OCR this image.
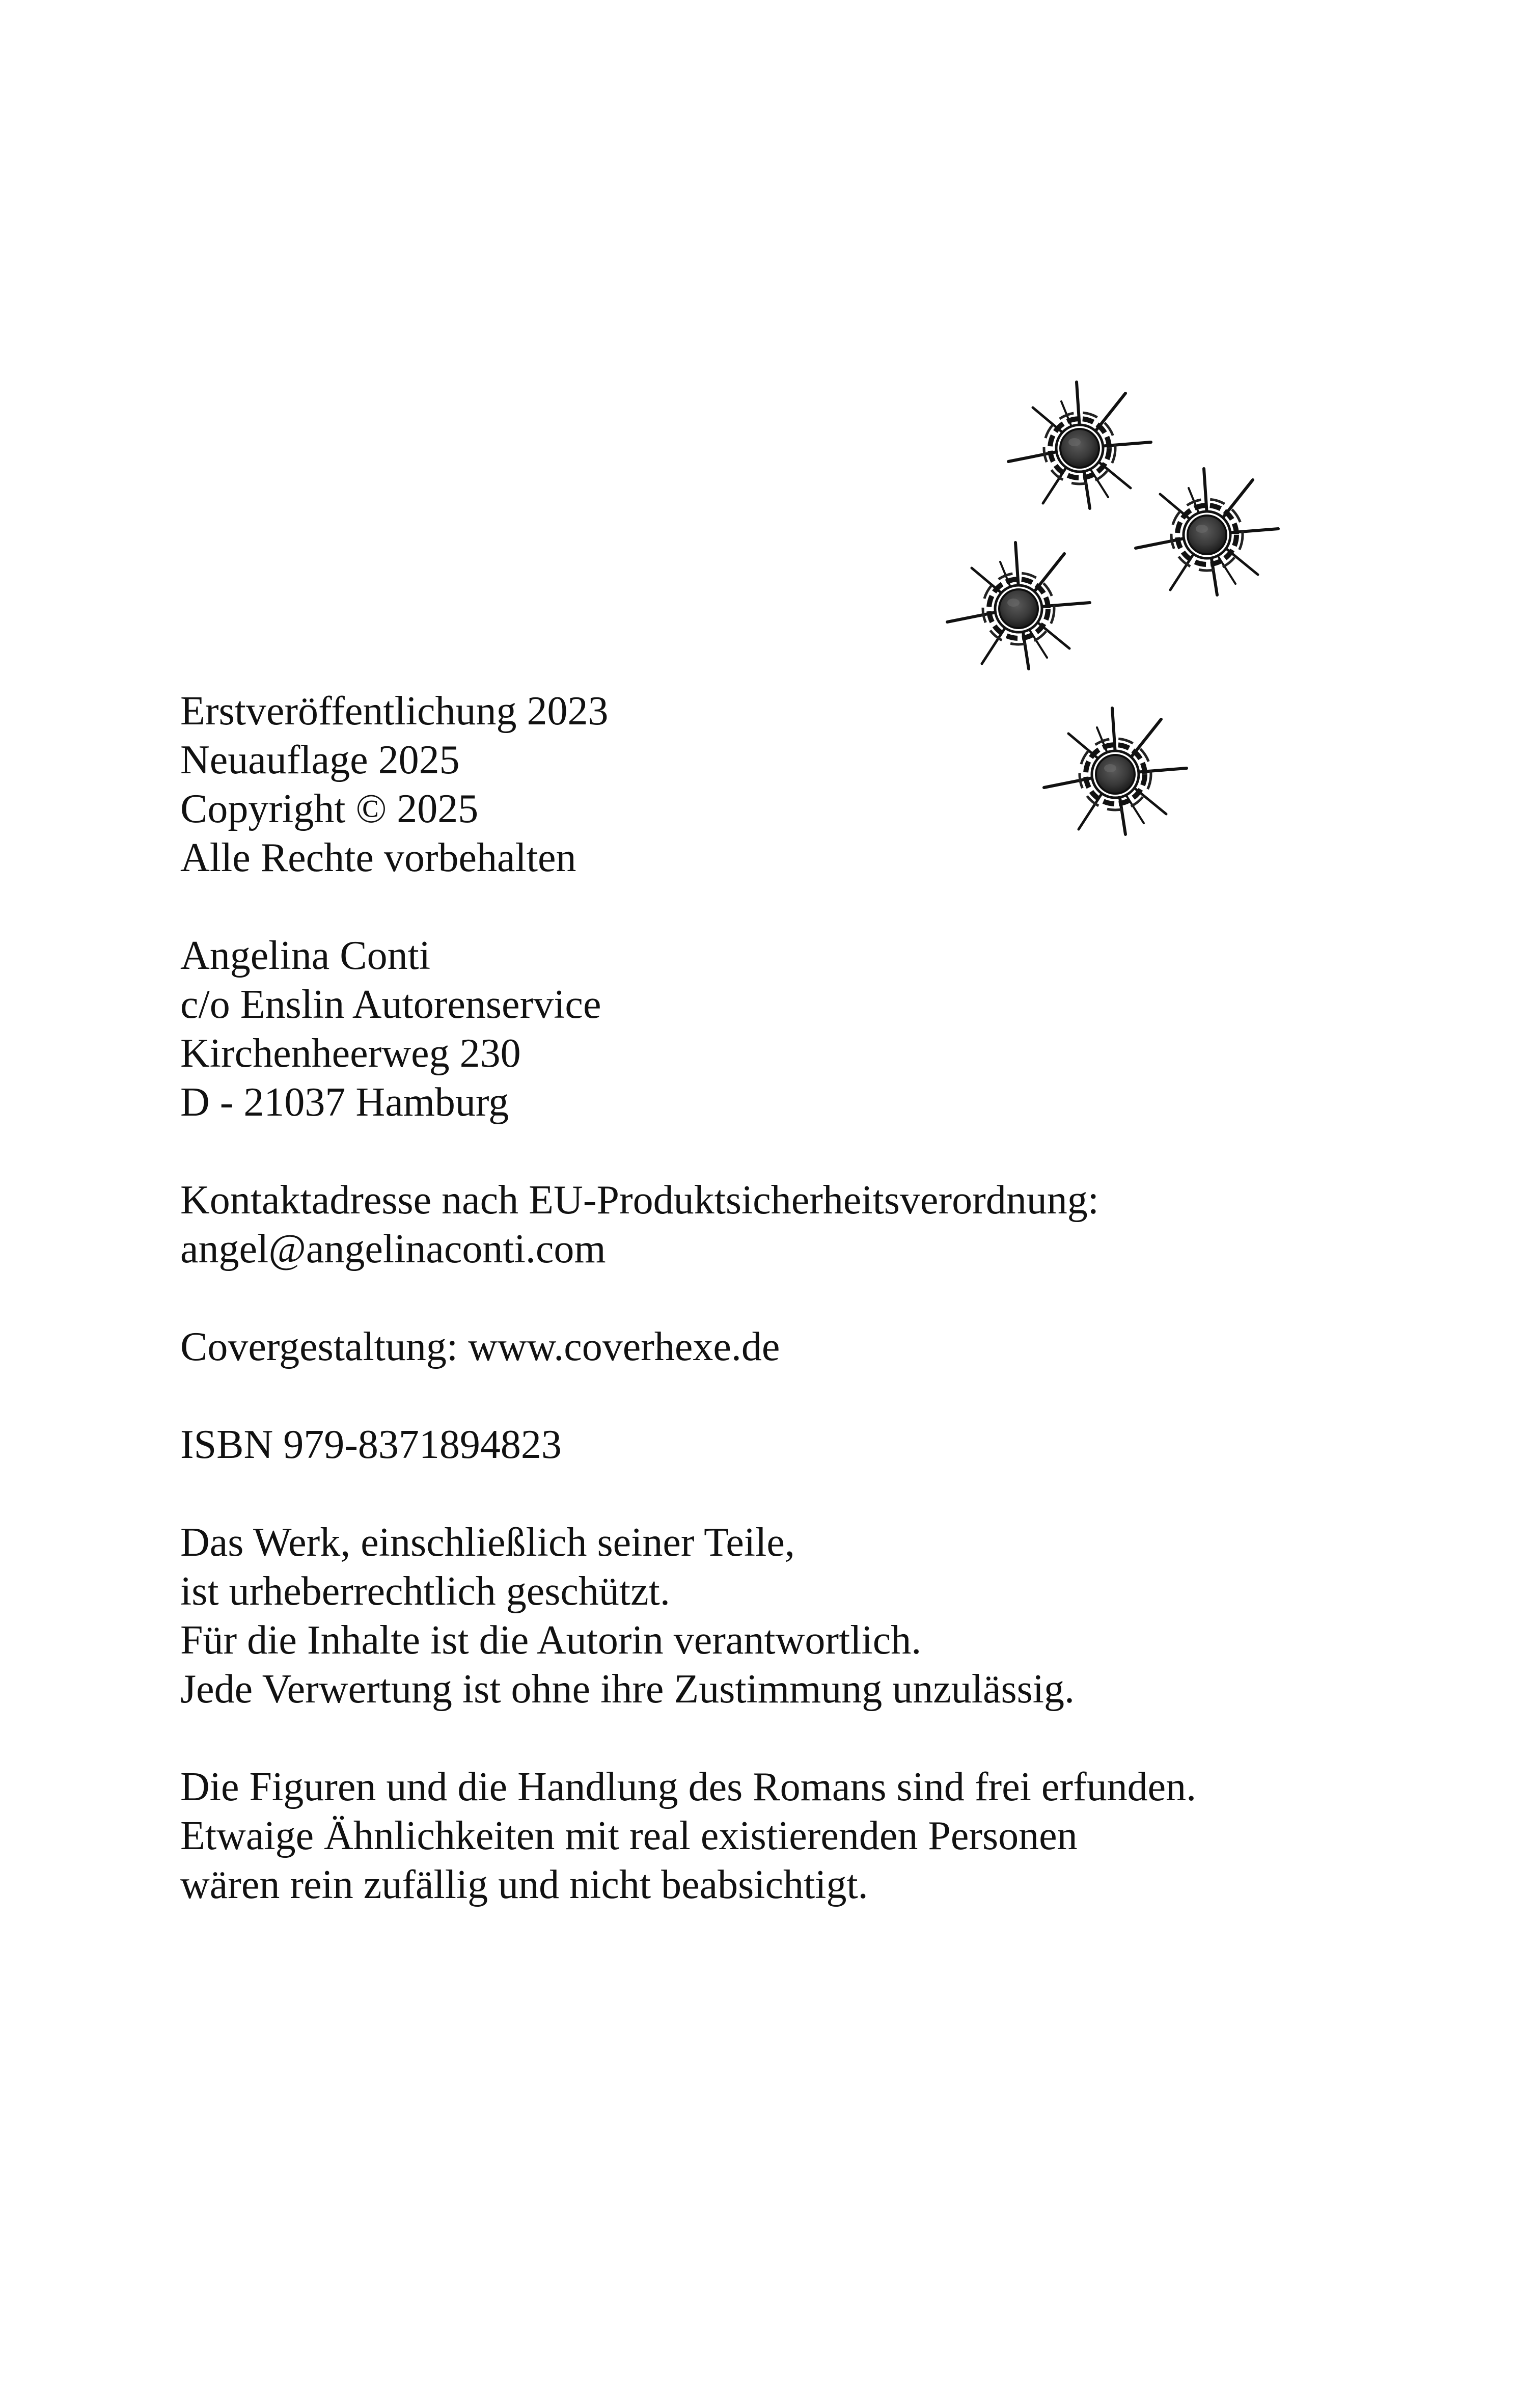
Erstveröffentlichung 2023
Neuauflage 2025
Copyright © 2025
Alle Rechte vorbehalten
Angelina Conti
c/o Enslin Autorenservice
Kirchenheerweg 230
D - 21037 Hamburg
Kontaktadresse nach EU-Produktsicherheitsverordnung:
angel@angelinaconti.com
Covergestaltung: www.coverhexe.de
ISBN 979-8371894823
Das Werk, einschließlich seiner Teile,
ist urheberrechtlich geschützt.
Für die Inhalte ist die Autorin verantwortlich.
Jede Verwertung ist ohne ihre Zustimmung unzulässig.
Die Figuren und die Handlung des Romans sind frei erfunden.
Etwaige Ähnlichkeiten mit real existierenden Personen
wären rein zufällig und nicht beabsichtigt.
